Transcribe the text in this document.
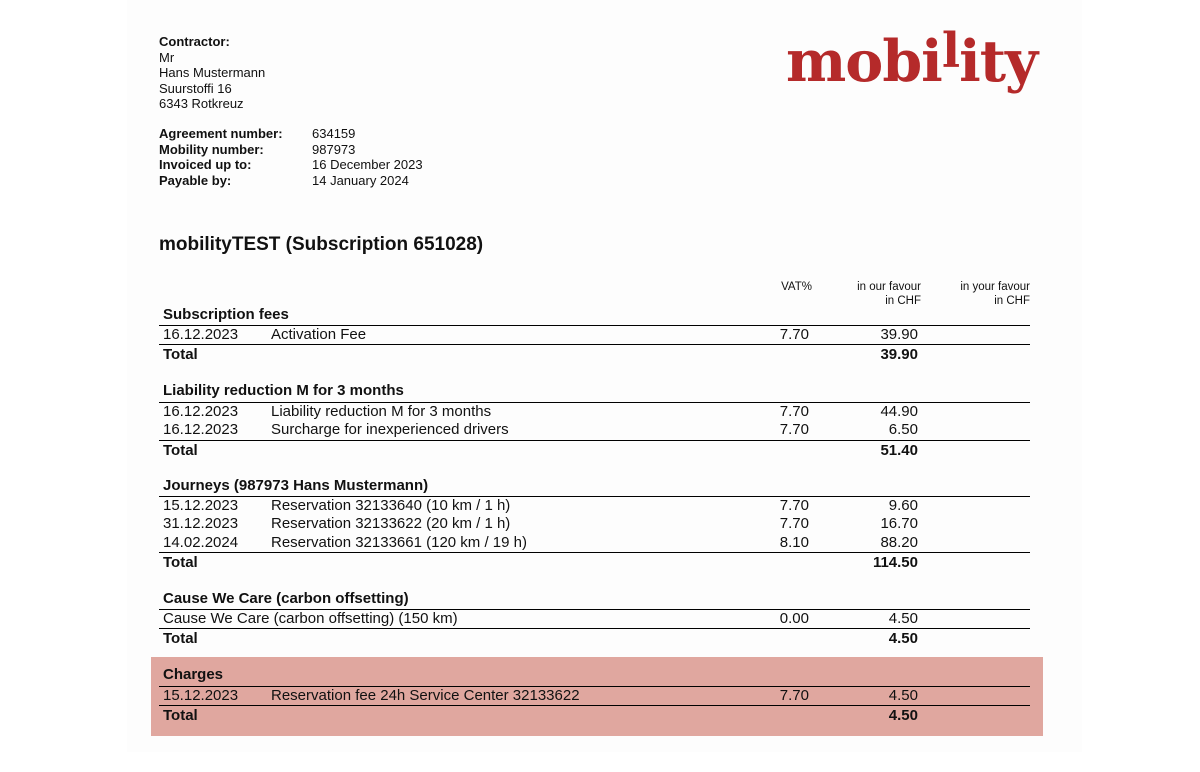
Contractor:
Mr
Hans Mustermann
Suurstoffi 16
6343 Rotkreuz
mobi$^l$ity
Agreement number:	634159
Mobility number:	987973
Invoiced up to:	16 December 2023
Payable by:	14 January 2024
mobilityTEST (Subscription 651028)
VAT%	in our favour
in CHF
in your favour
in CHF
Subscription fees
16.12.2023 Activation Fee	7.70	39.90
Total	39.90
Liability reduction M for 3 months
16.12.2023 Liability reduction M for 3 months	7.70	44.90
16.12.2023 Surcharge for inexperienced drivers	7.70	6.50
Total	51.40
Journeys (987973 Hans Mustermann)
15.12.2023 Reservation 32133640 (10 km / 1 h)	7.70	9.60
31.12.2023 Reservation 32133622 (20 km / 1 h)	7.70	16.70
14.02.2024 Reservation 32133661 (120 km / 19 h)	8.10	88.20
Total	114.50
Cause We Care (carbon offsetting)
Cause We Care (carbon offsetting) (150 km)	0.00	4.50
Total	4.50
Charges
15.12.2023 Reservation fee 24h Service Center 32133622	7.70	4.50
Total	4.50
